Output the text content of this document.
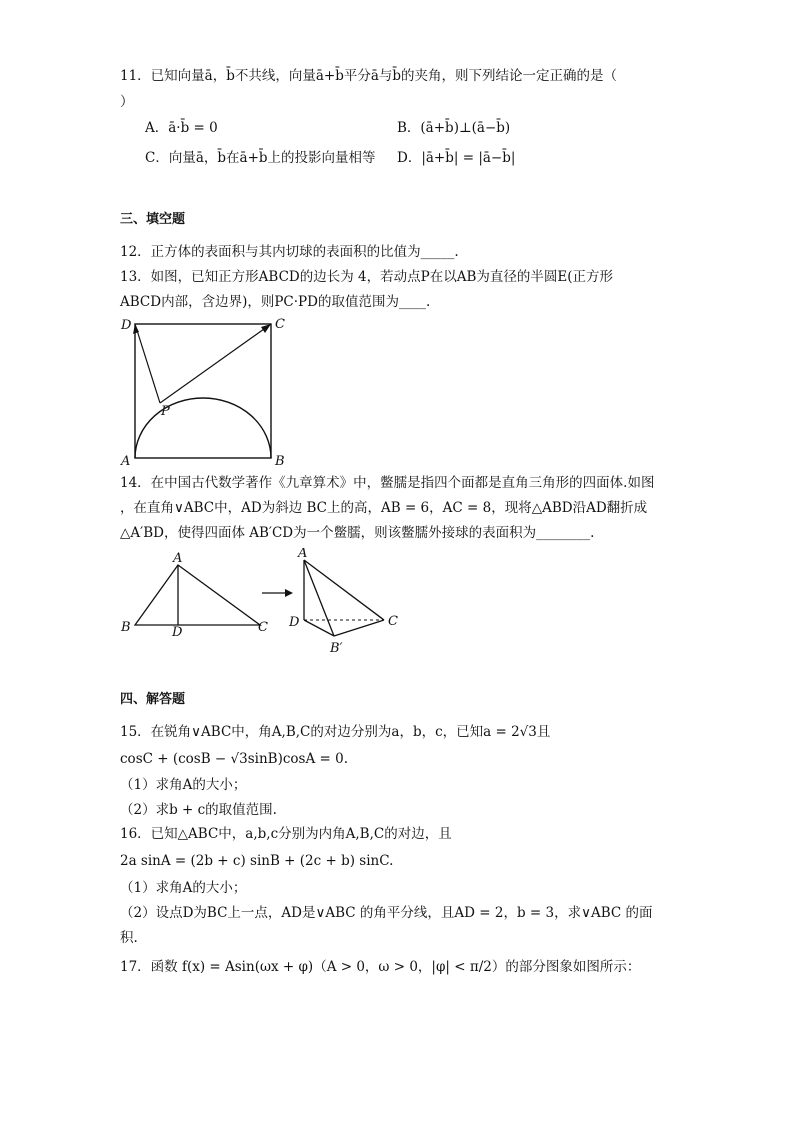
11．已知向量ā，b̄不共线，向量ā+b̄平分ā与b̄的夹角，则下列结论一定正确的是（
）
A．ā·b̄ = 0	B．(ā+b̄)⊥(ā−b̄)
C．向量ā，b̄在ā+b̄上的投影向量相等 D．|ā+b̄| = |ā−b̄|
三、填空题
12．正方体的表面积与其内切球的表面积的比值为_____.
13．如图，已知正方形ABCD的边长为 4，若动点P在以AB为直径的半圆E(正方形
ABCD内部，含边界)，则PC·PD的取值范围为____.
D	C
P
A	B
14．在中国古代数学著作《九章算术》中，鳖臑是指四个面都是直角三角形的四面体.如图
，在直角∨ABC中，AD为斜边 BC上的高，AB = 6，AC = 8，现将△ABD沿AD翻折成
△A′BD，使得四面体 AB′CD为一个鳖臑，则该鳖臑外接球的表面积为________.
A
B	D	C
A
D
B′
C
四、解答题
15．在锐角∨ABC中，角A,B,C的对边分别为a，b，c，已知a = 2√3且
cosC + (cosB − √3sinB)cosA = 0.
（1）求角A的大小；
（2）求b + c的取值范围.
16．已知△ABC中，a,b,c分别为内角A,B,C的对边，且
2a sinA = (2b + c) sinB + (2c + b) sinC.
（1）求角A的大小；
（2）设点D为BC上一点，AD是∨ABC 的角平分线，且AD = 2，b = 3，求∨ABC 的面
积.
17．函数 f(x) = Asin(ωx + φ)（A > 0，ω > 0，|φ| < π/2）的部分图象如图所示：
